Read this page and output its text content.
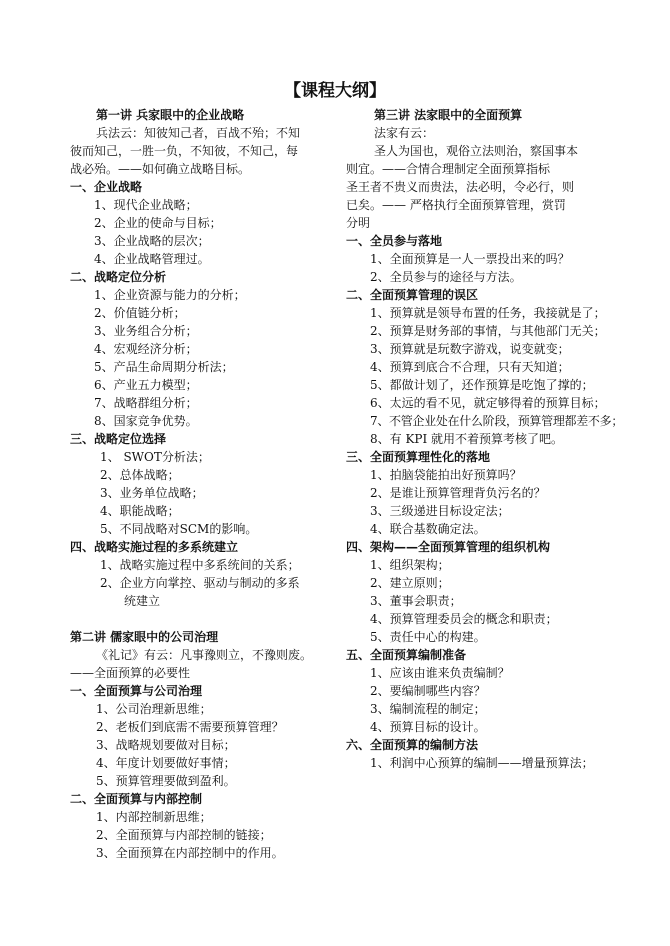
【课程大纲】
第一讲 兵家眼中的企业战略
兵法云：知彼知己者，百战不殆；不知
彼而知己，一胜一负，不知彼，不知己，每
战必殆。——如何确立战略目标。
一、企业战略
1、现代企业战略；
2、企业的使命与目标；
3、企业战略的层次；
4、企业战略管理过。
二、战略定位分析
1、企业资源与能力的分析；
2、价值链分析；
3、业务组合分析；
4、宏观经济分析；
5、产品生命周期分析法；
6、产业五力模型；
7、战略群组分析；
8、国家竞争优势。
三、战略定位选择
1、 SWOT分析法；
2、总体战略；
3、业务单位战略；
4、职能战略；
5、不同战略对SCM的影响。
四、战略实施过程的多系统建立
1、战略实施过程中多系统间的关系；
2、企业方向掌控、驱动与制动的多系
统建立
第二讲 儒家眼中的公司治理
《礼记》有云：凡事豫则立，不豫则废。
——全面预算的必要性
一、全面预算与公司治理
1、公司治理新思维；
2、老板们到底需不需要预算管理？
3、战略规划要做对目标；
4、年度计划要做好事情；
5、预算管理要做到盈利。
二、全面预算与内部控制
1、内部控制新思维；
2、全面预算与内部控制的链接；
3、全面预算在内部控制中的作用。
第三讲 法家眼中的全面预算
法家有云：
圣人为国也，观俗立法则治，察国事本
则宜。——合情合理制定全面预算指标
圣王者不贵义而贵法，法必明，令必行，则
已矣。—— 严格执行全面预算管理，赏罚
分明
一、全员参与落地
1、全面预算是一人一票投出来的吗？
2、全员参与的途径与方法。
二、全面预算管理的误区
1、预算就是领导布置的任务，我接就是了；
2、预算是财务部的事情，与其他部门无关；
3、预算就是玩数字游戏，说变就变；
4、预算到底合不合理，只有天知道；
5、都做计划了，还作预算是吃饱了撑的；
6、太远的看不见，就定够得着的预算目标；
7、不管企业处在什么阶段，预算管理都差不多；
8、有 KPI 就用不着预算考核了吧。
三、全面预算理性化的落地
1、拍脑袋能拍出好预算吗？
2、是谁让预算管理背负污名的？
3、三级递进目标设定法；
4、联合基数确定法。
四、架构——全面预算管理的组织机构
1、组织架构；
2、建立原则；
3、董事会职责；
4、预算管理委员会的概念和职责；
5、责任中心的构建。
五、全面预算编制准备
1、应该由谁来负责编制？
2、要编制哪些内容？
3、编制流程的制定；
4、预算目标的设计。
六、全面预算的编制方法
1、利润中心预算的编制——增量预算法；
